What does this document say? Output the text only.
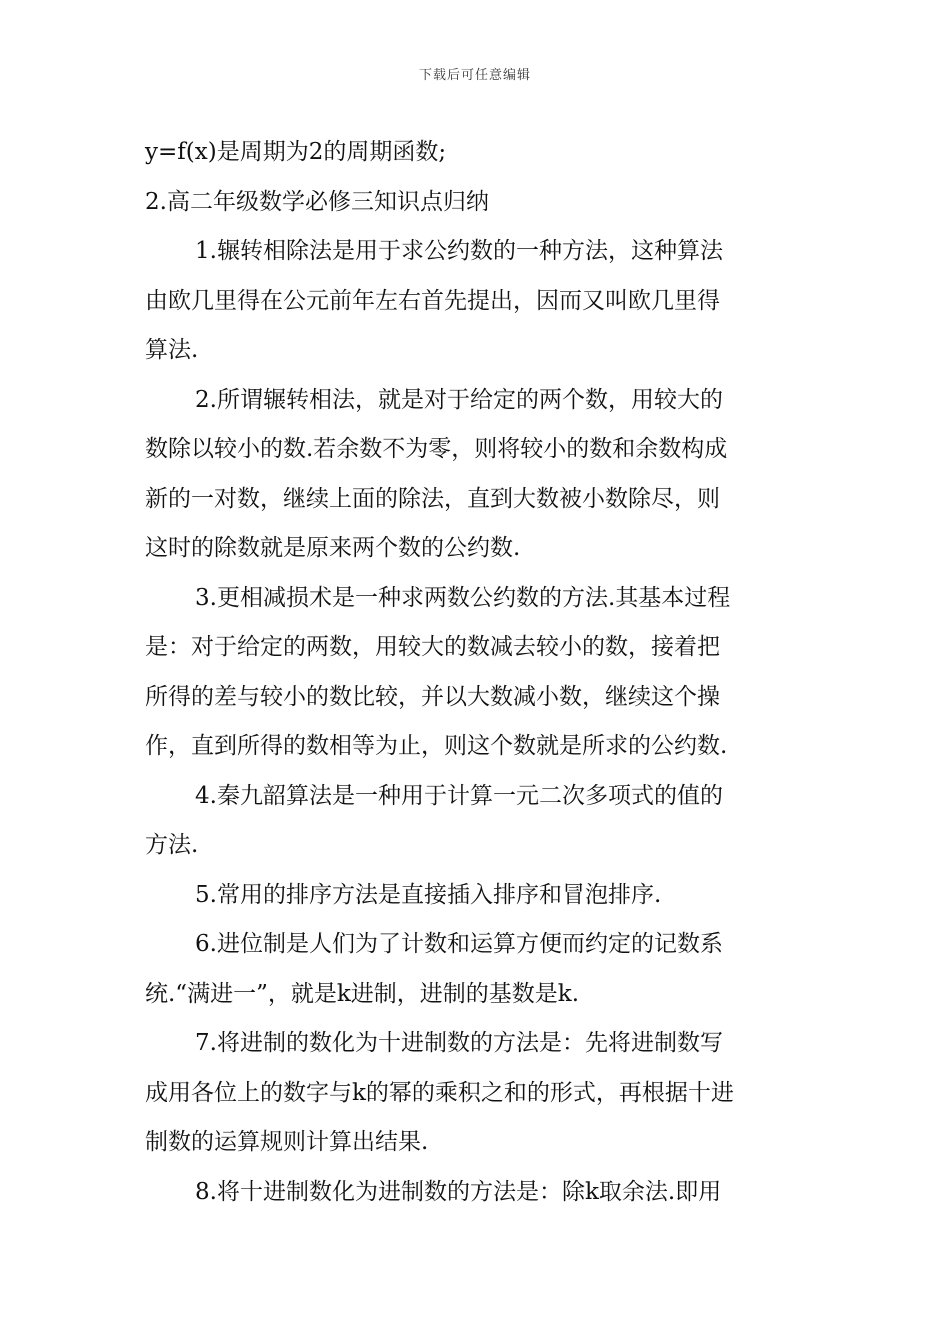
下载后可任意编辑
y=f(x)是周期为2的周期函数;
2.高二年级数学必修三知识点归纳
1.辗转相除法是用于求公约数的一种方法，这种算法
由欧几里得在公元前年左右首先提出，因而又叫欧几里得
算法.
2.所谓辗转相法，就是对于给定的两个数，用较大的
数除以较小的数.若余数不为零，则将较小的数和余数构成
新的一对数，继续上面的除法，直到大数被小数除尽，则
这时的除数就是原来两个数的公约数.
3.更相减损术是一种求两数公约数的方法.其基本过程
是：对于给定的两数，用较大的数减去较小的数，接着把
所得的差与较小的数比较，并以大数减小数，继续这个操
作，直到所得的数相等为止，则这个数就是所求的公约数.
4.秦九韶算法是一种用于计算一元二次多项式的值的
方法.
5.常用的排序方法是直接插入排序和冒泡排序.
6.进位制是人们为了计数和运算方便而约定的记数系
统.“满进一”，就是k进制，进制的基数是k.
7.将进制的数化为十进制数的方法是：先将进制数写
成用各位上的数字与k的幂的乘积之和的形式，再根据十进
制数的运算规则计算出结果.
8.将十进制数化为进制数的方法是：除k取余法.即用
